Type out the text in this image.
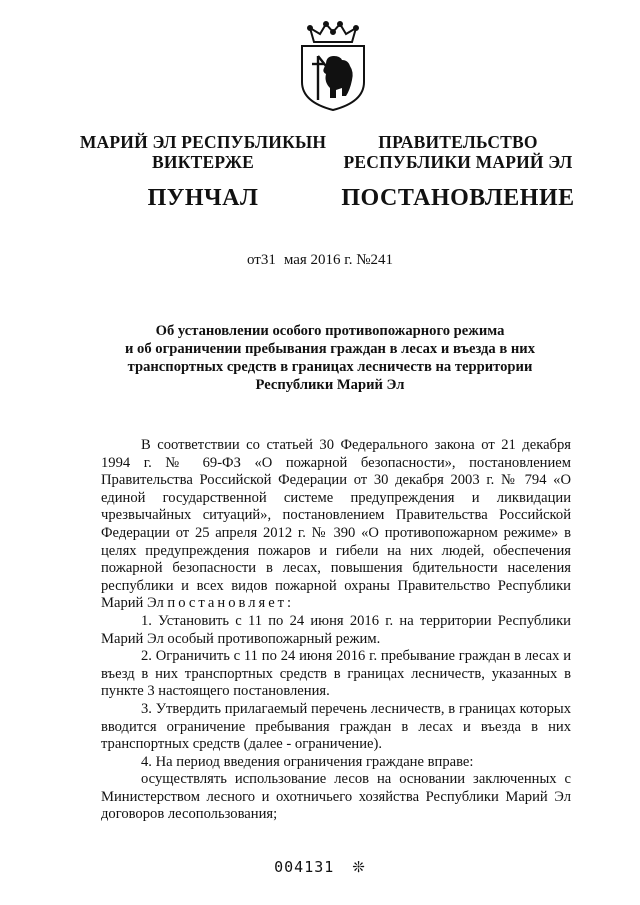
МАРИЙ ЭЛ РЕСПУБЛИКЫН
ВИКТЕРЖЕ
ПУНЧАЛ
ПРАВИТЕЛЬСТВО
РЕСПУБЛИКИ МАРИЙ ЭЛ
ПОСТАНОВЛЕНИЕ
от31 мая 2016 г. №241
Об установлении особого противопожарного режима
и об ограничении пребывания граждан в лесах и въезда в них
транспортных средств в границах лесничеств на территории
Республики Марий Эл

В соответствии со статьей 30 Федерального закона от 21 декабря 1994 г. № 69-ФЗ «О пожарной безопасности», постановлением Правительства Российской Федерации от 30 декабря 2003 г. № 794 «О единой государственной системе предупреждения и ликвидации чрезвычайных ситуаций», постановлением Правительства Российской Федерации от 25 апреля 2012 г. № 390 «О противопожарном режиме» в целях предупреждения пожаров и гибели на них людей, обеспечения пожарной безопасности в лесах, повышения бдительности населения республики и всех видов пожарной охраны Правительство Республики Марий Эл постановляет:

1. Установить с 11 по 24 июня 2016 г. на территории Республики Марий Эл особый противопожарный режим.

2. Ограничить с 11 по 24 июня 2016 г. пребывание граждан в лесах и въезд в них транспортных средств в границах лесничеств, указанных в пункте 3 настоящего постановления.

3. Утвердить прилагаемый перечень лесничеств, в границах которых вводится ограничение пребывания граждан в лесах и въезда в них транспортных средств (далее - ограничение).

4. На период введения ограничения граждане вправе:

осуществлять использование лесов на основании заключенных с Министерством лесного и охотничьего хозяйства Республики Марий Эл договоров лесопользования;

004131 ❊
